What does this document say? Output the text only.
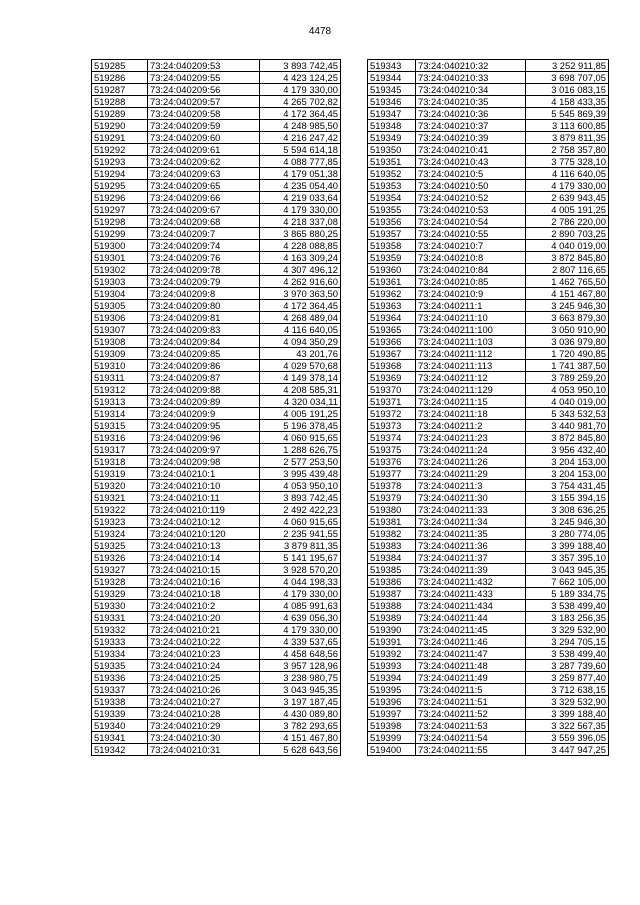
4478
519285	73:24:040209:53	3 893 742,45
519286	73:24:040209:55	4 423 124,25
519287	73:24:040209:56	4 179 330,00
519288	73:24:040209:57	4 265 702,82
519289	73:24:040209:58	4 172 364,45
519290	73:24:040209:59	4 248 985,50
519291	73:24:040209:60	4 216 247,42
519292	73:24:040209:61	5 594 614,18
519293	73:24:040209:62	4 088 777,85
519294	73:24:040209:63	4 179 051,38
519295	73:24:040209:65	4 235 054,40
519296	73:24:040209:66	4 219 033,64
519297	73:24:040209:67	4 179 330,00
519298	73:24:040209:68	4 218 337,08
519299	73:24:040209:7	3 865 880,25
519300	73:24:040209:74	4 228 088,85
519301	73:24:040209:76	4 163 309,24
519302	73:24:040209:78	4 307 496,12
519303	73:24:040209:79	4 262 916,60
519304	73:24:040209:8	3 970 363,50
519305	73:24:040209:80	4 172 364,45
519306	73:24:040209:81	4 268 489,04
519307	73:24:040209:83	4 116 640,05
519308	73:24:040209:84	4 094 350,29
519309	73:24:040209:85	43 201,76
519310	73:24:040209:86	4 029 570,68
519311	73:24:040209:87	4 149 378,14
519312	73:24:040209:88	4 208 585,31
519313	73:24:040209:89	4 320 034,11
519314	73:24:040209:9	4 005 191,25
519315	73:24:040209:95	5 196 378,45
519316	73:24:040209:96	4 060 915,65
519317	73:24:040209:97	1 288 626,75
519318	73:24:040209:98	2 577 253,50
519319	73:24:040210:1	3 995 439,48
519320	73:24:040210:10	4 053 950,10
519321	73:24:040210:11	3 893 742,45
519322	73:24:040210:119	2 492 422,23
519323	73:24:040210:12	4 060 915,65
519324	73:24:040210:120	2 235 941,55
519325	73:24:040210:13	3 879 811,35
519326	73:24:040210:14	5 141 195,67
519327	73:24:040210:15	3 928 570,20
519328	73:24:040210:16	4 044 198,33
519329	73:24:040210:18	4 179 330,00
519330	73:24:040210:2	4 085 991,63
519331	73:24:040210:20	4 639 056,30
519332	73:24:040210:21	4 179 330,00
519333	73:24:040210:22	4 339 537,65
519334	73:24:040210:23	4 458 648,56
519335	73:24:040210:24	3 957 128,96
519336	73:24:040210:25	3 238 980,75
519337	73:24:040210:26	3 043 945,35
519338	73:24:040210:27	3 197 187,45
519339	73:24:040210:28	4 430 089,80
519340	73:24:040210:29	3 782 293,65
519341	73:24:040210:30	4 151 467,80
519342	73:24:040210:31	5 628 643,56
519343	73:24:040210:32	3 252 911,85
519344	73:24:040210:33	3 698 707,05
519345	73:24:040210:34	3 016 083,15
519346	73:24:040210:35	4 158 433,35
519347	73:24:040210:36	5 545 869,39
519348	73:24:040210:37	3 113 600,85
519349	73:24:040210:39	3 879 811,35
519350	73:24:040210:41	2 758 357,80
519351	73:24:040210:43	3 775 328,10
519352	73:24:040210:5	4 116 640,05
519353	73:24:040210:50	4 179 330,00
519354	73:24:040210:52	2 639 943,45
519355	73:24:040210:53	4 005 191,25
519356	73:24:040210:54	2 786 220,00
519357	73:24:040210:55	2 890 703,25
519358	73:24:040210:7	4 040 019,00
519359	73:24:040210:8	3 872 845,80
519360	73:24:040210:84	2 807 116,65
519361	73:24:040210:85	1 462 765,50
519362	73:24:040210:9	4 151 467,80
519363	73:24:040211:1	3 245 946,30
519364	73:24:040211:10	3 663 879,30
519365	73:24:040211:100	3 050 910,90
519366	73:24:040211:103	3 036 979,80
519367	73:24:040211:112	1 720 490,85
519368	73:24:040211:113	1 741 387,50
519369	73:24:040211:12	3 789 259,20
519370	73:24:040211:129	4 053 950,10
519371	73:24:040211:15	4 040 019,00
519372	73:24:040211:18	5 343 532,53
519373	73:24:040211:2	3 440 981,70
519374	73:24:040211:23	3 872 845,80
519375	73:24:040211:24	3 956 432,40
519376	73:24:040211:26	3 204 153,00
519377	73:24:040211:29	3 204 153,00
519378	73:24:040211:3	3 754 431,45
519379	73:24:040211:30	3 155 394,15
519380	73:24:040211:33	3 308 636,25
519381	73:24:040211:34	3 245 946,30
519382	73:24:040211:35	3 280 774,05
519383	73:24:040211:36	3 399 188,40
519384	73:24:040211:37	3 357 395,10
519385	73:24:040211:39	3 043 945,35
519386	73:24:040211:432	7 662 105,00
519387	73:24:040211:433	5 189 334,75
519388	73:24:040211:434	3 538 499,40
519389	73:24:040211:44	3 183 256,35
519390	73:24:040211:45	3 329 532,90
519391	73:24:040211:46	3 294 705,15
519392	73:24:040211:47	3 538 499,40
519393	73:24:040211:48	3 287 739,60
519394	73:24:040211:49	3 259 877,40
519395	73:24:040211:5	3 712 638,15
519396	73:24:040211:51	3 329 532,90
519397	73:24:040211:52	3 399 188,40
519398	73:24:040211:53	3 322 567,35
519399	73:24:040211:54	3 559 396,05
519400	73:24:040211:55	3 447 947,25
